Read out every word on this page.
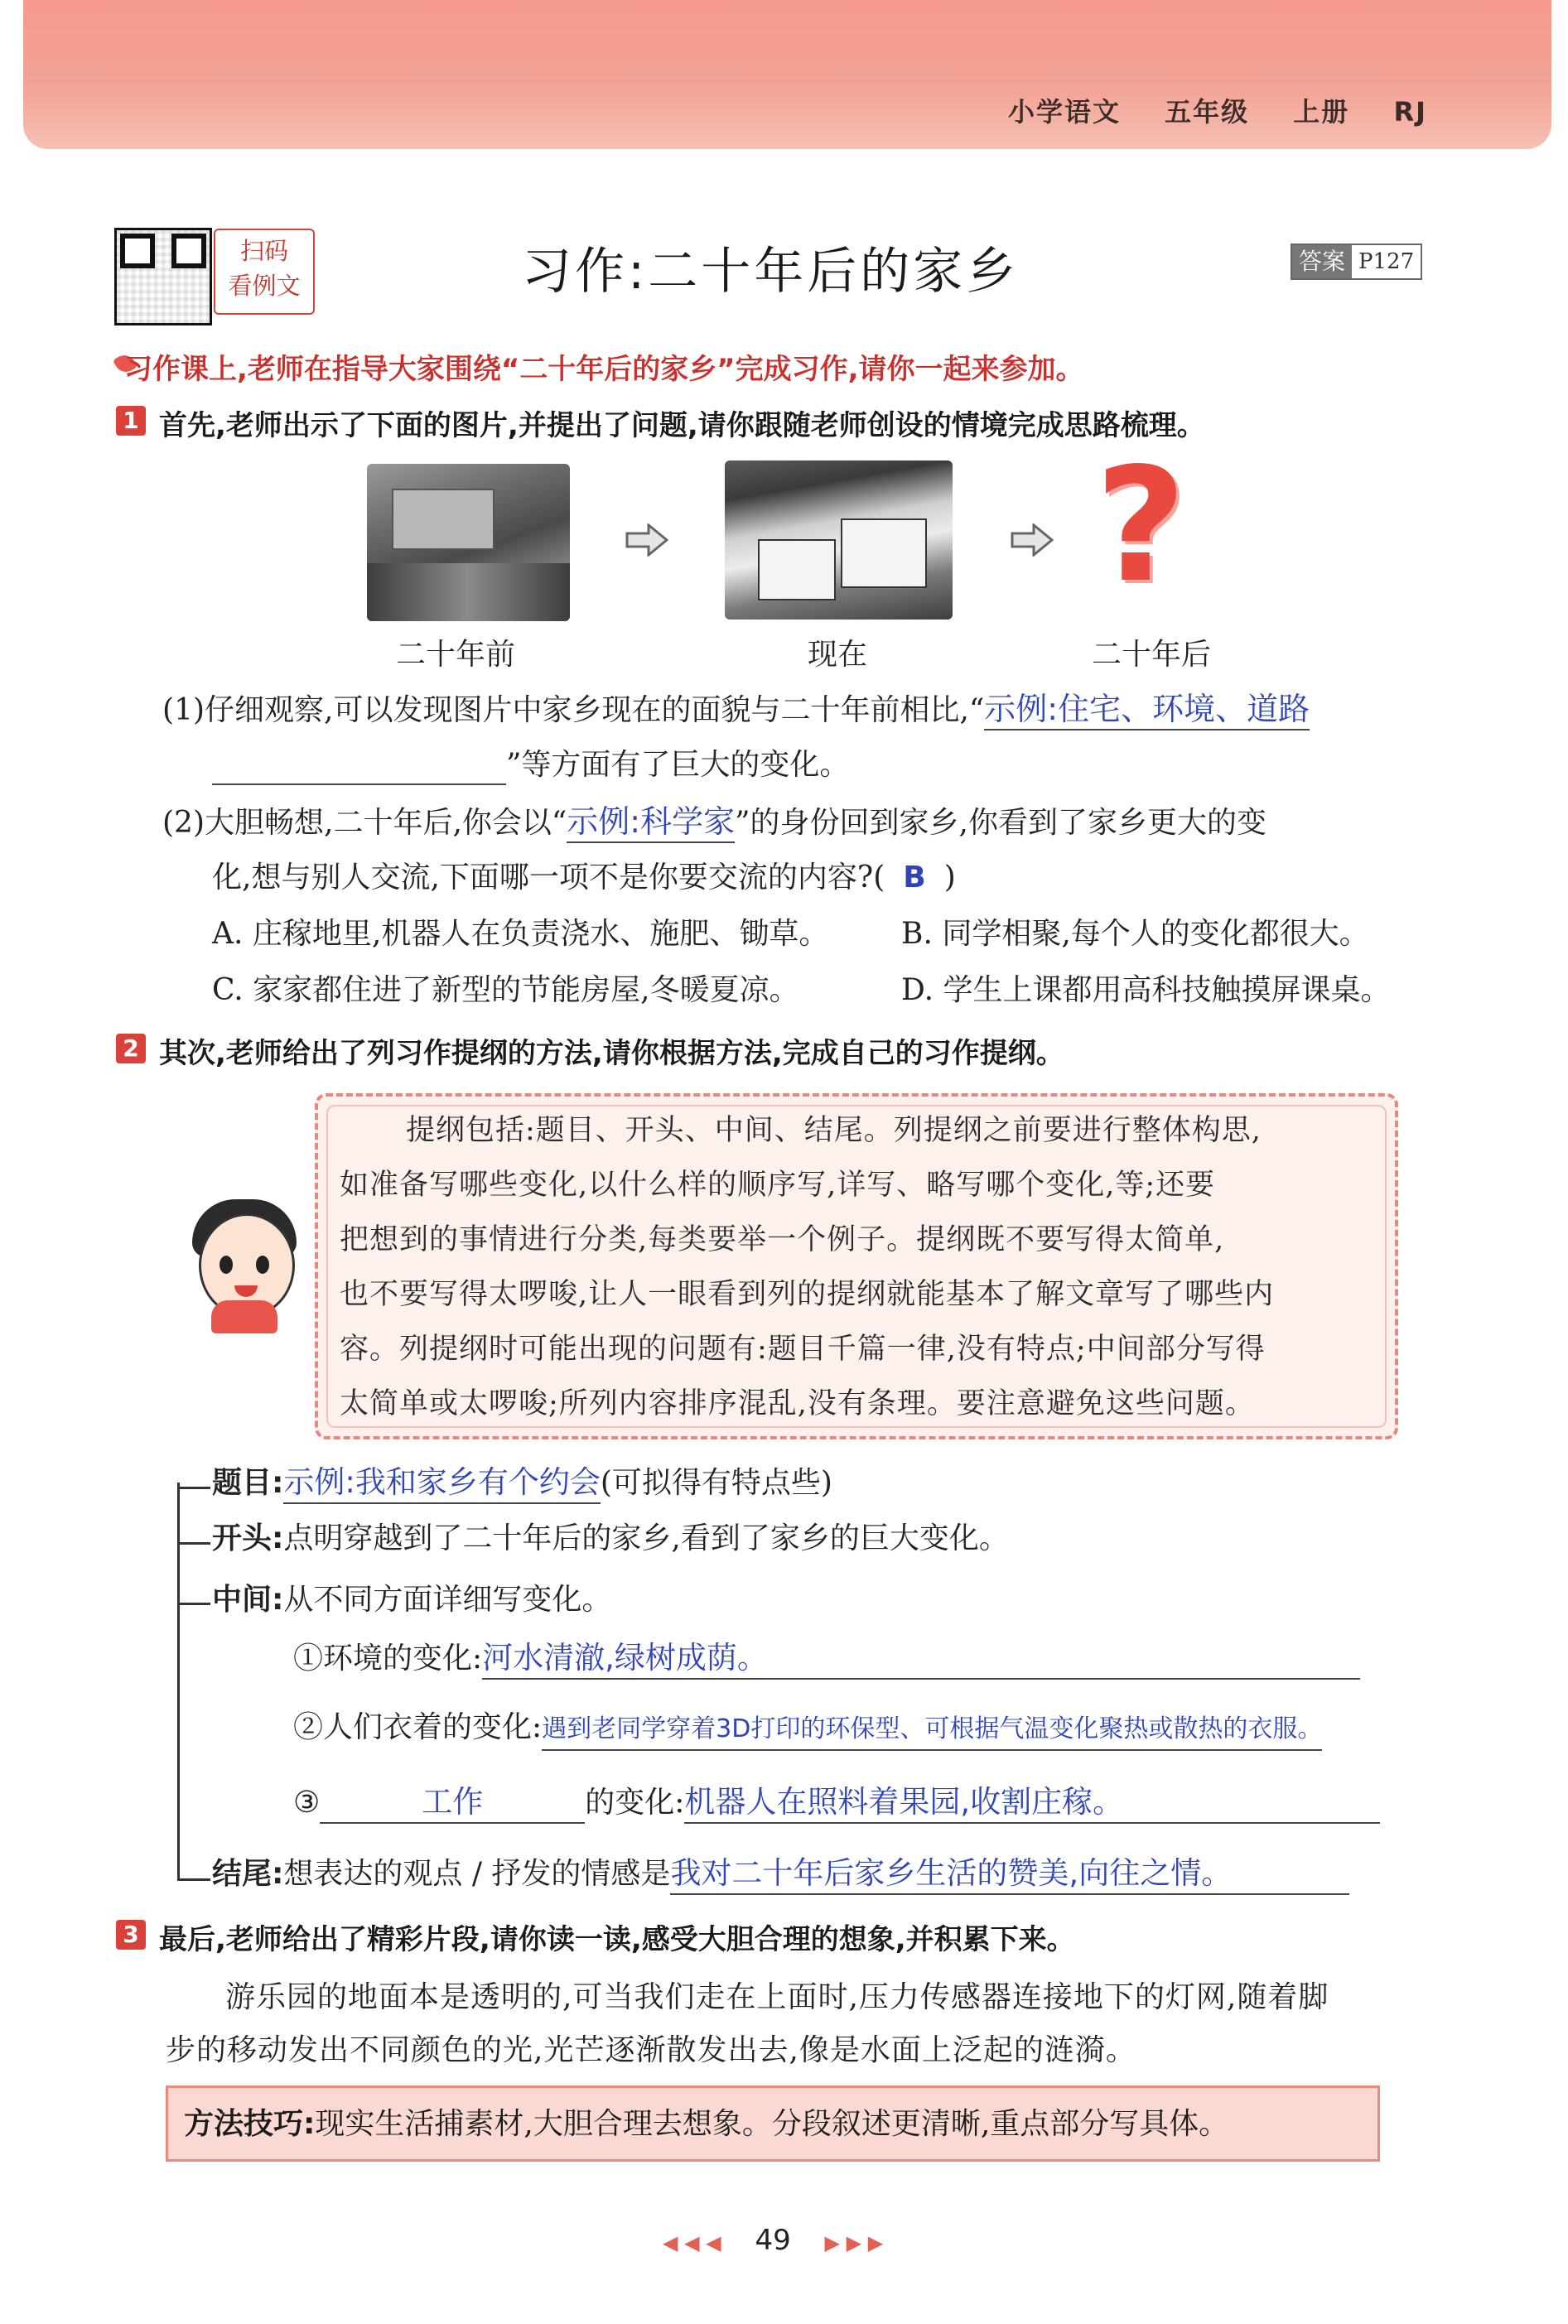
小学语文 五年级 上册 RJ
扫码
看例文	习作:二十年后的家乡	答案 P127
习作课上,老师在指导大家围绕“二十年后的家乡”完成习作,请你一起来参加。
1 首先,老师出示了下面的图片,并提出了问题,请你跟随老师创设的情境完成思路梳理。
?
二十年前	现在	二十年后
(1)仔细观察,可以发现图片中家乡现在的面貌与二十年前相比,“示例:住宅、环境、道路
”等方面有了巨大的变化。
(2)大胆畅想,二十年后,你会以“示例:科学家”的身份回到家乡,你看到了家乡更大的变
化,想与别人交流,下面哪一项不是你要交流的内容?( B )
A. 庄稼地里,机器人在负责浇水、施肥、锄草。 B. 同学相聚,每个人的变化都很大。
C. 家家都住进了新型的节能房屋,冬暖夏凉。	D. 学生上课都用高科技触摸屏课桌。
2 其次,老师给出了列习作提纲的方法,请你根据方法,完成自己的习作提纲。
提纲包括:题目、开头、中间、结尾。列提纲之前要进行整体构思,
如准备写哪些变化,以什么样的顺序写,详写、略写哪个变化,等;还要
把想到的事情进行分类,每类要举一个例子。提纲既不要写得太简单,
也不要写得太啰唆,让人一眼看到列的提纲就能基本了解文章写了哪些内
容。列提纲时可能出现的问题有:题目千篇一律,没有特点;中间部分写得
太简单或太啰唆;所列内容排序混乱,没有条理。要注意避免这些问题。
题目:示例:我和家乡有个约会(可拟得有特点些)
开头:点明穿越到了二十年后的家乡,看到了家乡的巨大变化。
中间:从不同方面详细写变化。
①环境的变化:河水清澈,绿树成荫。
②人们衣着的变化:遇到老同学穿着3D打印的环保型、可根据气温变化聚热或散热的衣服。
③	工作	的变化:机器人在照料着果园,收割庄稼。
结尾:想表达的观点 / 抒发的情感是我对二十年后家乡生活的赞美,向往之情。
3 最后,老师给出了精彩片段,请你读一读,感受大胆合理的想象,并积累下来。
游乐园的地面本是透明的,可当我们走在上面时,压力传感器连接地下的灯网,随着脚
步的移动发出不同颜色的光,光芒逐渐散发出去,像是水面上泛起的涟漪。
方法技巧:现实生活捕素材,大胆合理去想象。分段叙述更清晰,重点部分写具体。
◀ ◀ ◀ 49 ▶ ▶ ▶
